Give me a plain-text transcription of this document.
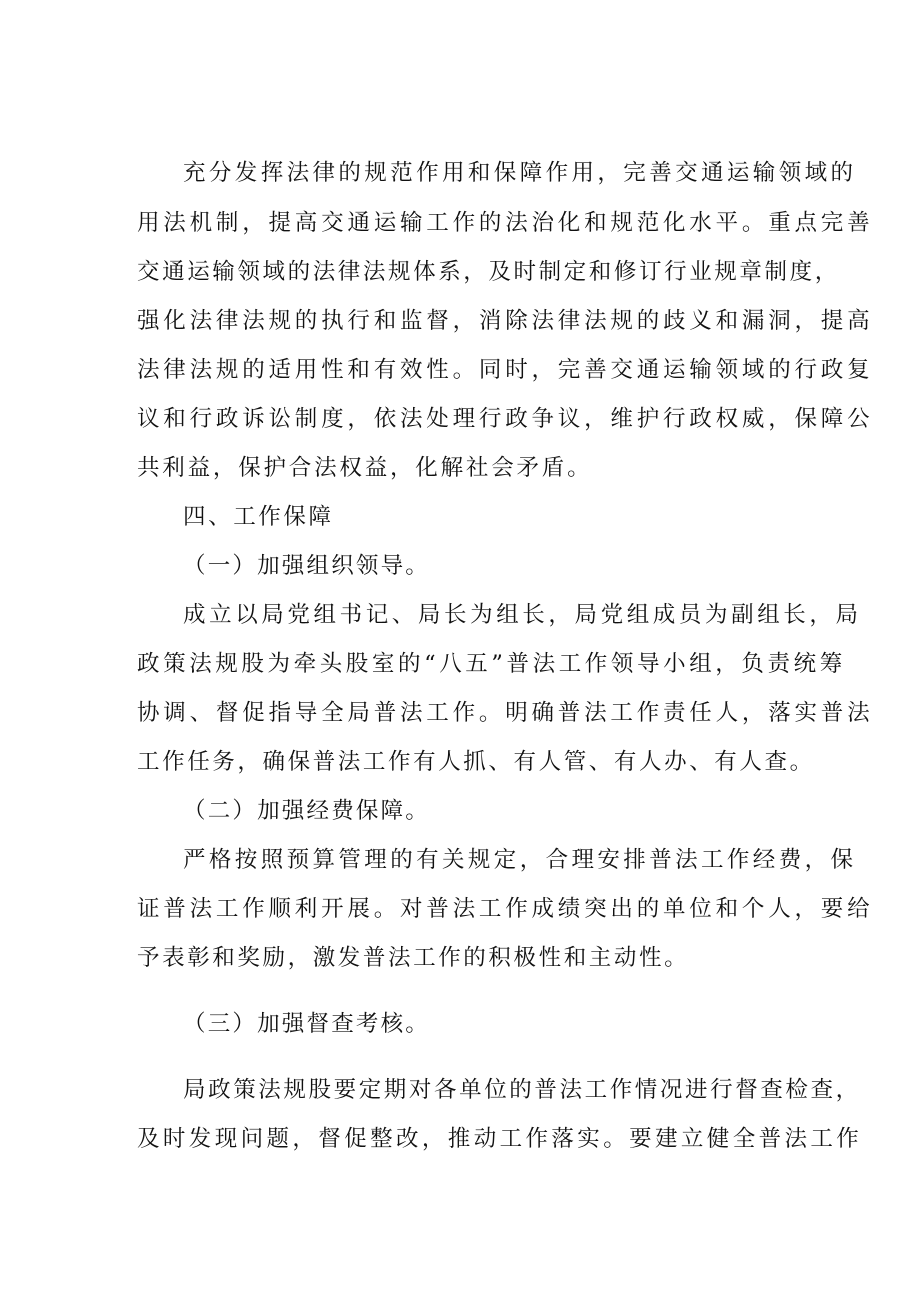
充分发挥法律的规范作用和保障作用，完善交通运输领域的
用法机制，提高交通运输工作的法治化和规范化水平。重点完善
交通运输领域的法律法规体系，及时制定和修订行业规章制度，
强化法律法规的执行和监督，消除法律法规的歧义和漏洞，提高
法律法规的适用性和有效性。同时，完善交通运输领域的行政复
议和行政诉讼制度，依法处理行政争议，维护行政权威，保障公
共利益，保护合法权益，化解社会矛盾。
四、工作保障
（一）加强组织领导。
成立以局党组书记、局长为组长，局党组成员为副组长，局
政策法规股为牵头股室的“八五”普法工作领导小组，负责统筹
协调、督促指导全局普法工作。明确普法工作责任人，落实普法
工作任务，确保普法工作有人抓、有人管、有人办、有人查。
（二）加强经费保障。
严格按照预算管理的有关规定，合理安排普法工作经费，保
证普法工作顺利开展。对普法工作成绩突出的单位和个人，要给
予表彰和奖励，激发普法工作的积极性和主动性。
（三）加强督查考核。
局政策法规股要定期对各单位的普法工作情况进行督查检查，
及时发现问题，督促整改，推动工作落实。要建立健全普法工作
